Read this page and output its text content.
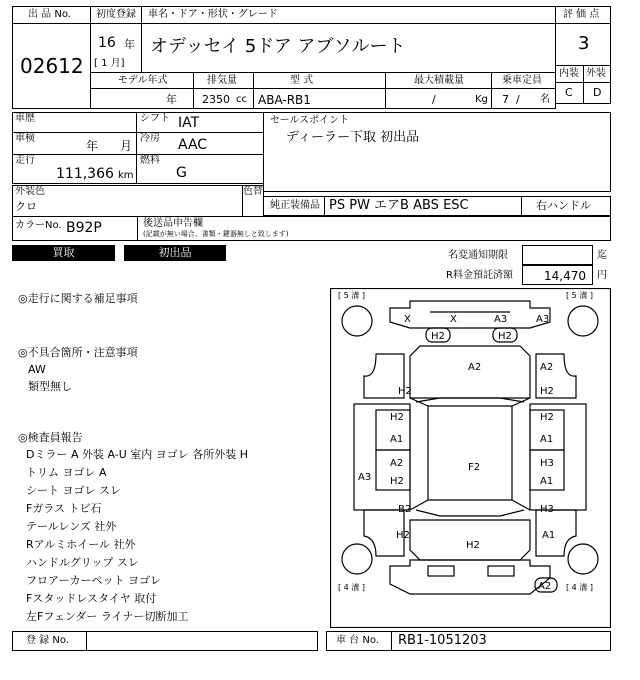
出 品 No.
02612
初度登録
16 年
[ 1 月]
車名・ドア・形状・グレード
オデッセイ 5ドア アブソルート
評 価 点
3
内装 外装
C D
モデル年式
年
排気量
2350 cc
型 式
ABA-RB1
最大積載量
/	Kg
乗車定員
7 / 名
車歴
車検
年 月
走行
111,366 km
シフト IAT
冷房 AAC
燃料
G
セールスポイント
ディーラー下取 初出品
外装色
クロ
色替
純正装備品 PS PW エアB ABS ESC	右ハンドル
カラーNo. B92P	後送品申告欄
(記載が無い場合、書類・鍵器無しと致します)
買取	初出品	名変通知期限	迄
R料金預託済額	14,470 円
◎走行に関する補足事項
◎不具合箇所・注意事項
AW
類型無し
◎検査員報告
Dミラー A 外装 A-U 室内 ヨゴレ 各所外装 H
トリム ヨゴレ A
シート ヨゴレ スレ
Fガラス トビ石
テールレンズ 社外
Rアルミホイール 社外
ハンドルグリップ スレ
フロアーカーペット ヨゴレ
Fスタッドレスタイヤ 取付
左Fフェンダー ライナー切断加工
[ 5 溝 ]	[ 5 溝 ]
[ 4 溝 ]	[ 4 溝 ]
X	X	A3	A3
H2	H2
A2	A2
H2	H2
H2
A1
H2
A1
A2
H2
H3
A1
A3
F2
B2	H3
H2	A1
H2
A2
登 録 No.	車 台 No. RB1-1051203
